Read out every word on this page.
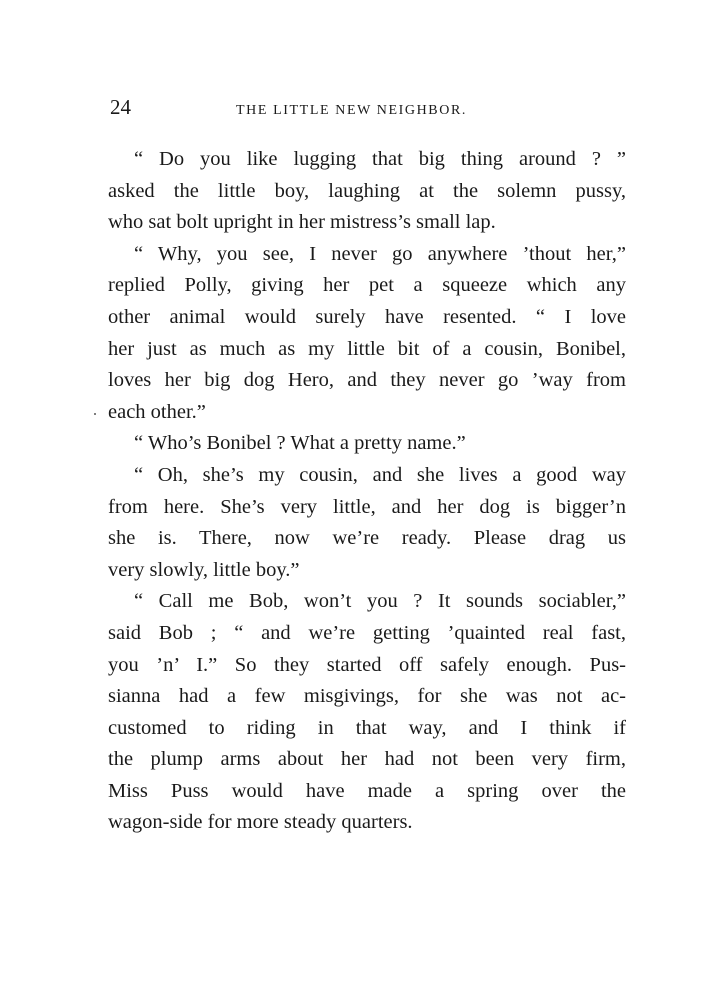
24	THE LITTLE NEW NEIGHBOR.
“ Do you like lugging that big thing around ? ”
asked the little boy, laughing at the solemn pussy,
who sat bolt upright in her mistress’s small lap.
“ Why, you see, I never go anywhere ’thout her,”
replied Polly, giving her pet a squeeze which any
other animal would surely have resented. “ I love
her just as much as my little bit of a cousin, Bonibel,
loves her big dog Hero, and they never go ’way from
each other.”
“ Who’s Bonibel ? What a pretty name.”
“ Oh, she’s my cousin, and she lives a good way
from here. She’s very little, and her dog is bigger’n
she is. There, now we’re ready. Please drag us
very slowly, little boy.”
“ Call me Bob, won’t you ? It sounds sociabler,”
said Bob ; “ and we’re getting ’quainted real fast,
you ’n’ I.” So they started off safely enough. Pus-
sianna had a few misgivings, for she was not ac-
customed to riding in that way, and I think if
the plump arms about her had not been very firm,
Miss Puss would have made a spring over the
wagon-side for more steady quarters.
